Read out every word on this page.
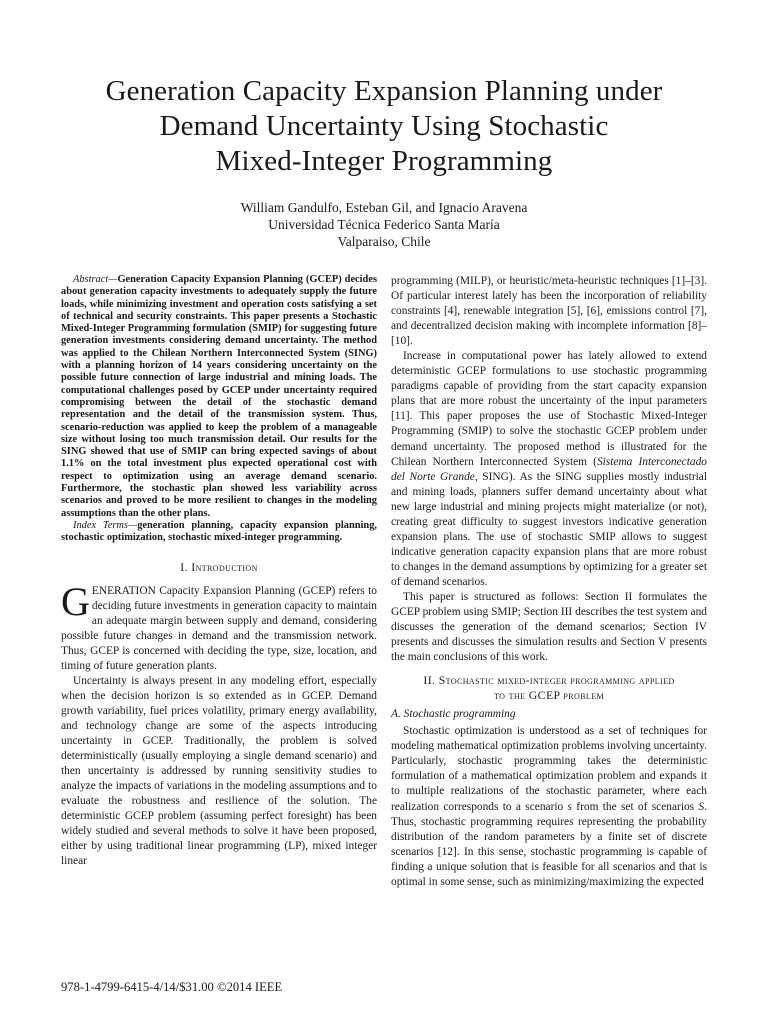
Generation Capacity Expansion Planning under
Demand Uncertainty Using Stochastic
Mixed-Integer Programming
William Gandulfo, Esteban Gil, and Ignacio Aravena
Universidad Técnica Federico Santa María
Valparaiso, Chile

Abstract—Generation Capacity Expansion Planning (GCEP) decides about generation capacity investments to adequately supply the future loads, while minimizing investment and operation costs satisfying a set of technical and security constraints. This paper presents a Stochastic Mixed-Integer Programming formulation (SMIP) for suggesting future generation investments considering demand uncertainty. The method was applied to the Chilean Northern Interconnected System (SING) with a planning horizon of 14 years considering uncertainty on the possible future connection of large industrial and mining loads. The computational challenges posed by GCEP under uncertainty required compromising between the detail of the stochastic demand representation and the detail of the transmission system. Thus, scenario-reduction was applied to keep the problem of a manageable size without losing too much transmission detail. Our results for the SING showed that use of SMIP can bring expected savings of about 1.1% on the total investment plus expected operational cost with respect to optimization using an average demand scenario. Furthermore, the stochastic plan showed less variability across scenarios and proved to be more resilient to changes in the modeling assumptions than the other plans.

Index Terms—generation planning, capacity expansion planning, stochastic optimization, stochastic mixed-integer programming.

I. Introduction

GENERATION Capacity Expansion Planning (GCEP) refers to deciding future investments in generation capacity to maintain an adequate margin between supply and demand, considering possible future changes in demand and the transmission network. Thus, GCEP is concerned with deciding the type, size, location, and timing of future generation plants.

Uncertainty is always present in any modeling effort, especially when the decision horizon is so extended as in GCEP. Demand growth variability, fuel prices volatility, primary energy availability, and technology change are some of the aspects introducing uncertainty in GCEP. Traditionally, the problem is solved deterministically (usually employing a single demand scenario) and then uncertainty is addressed by running sensitivity studies to analyze the impacts of variations in the modeling assumptions and to evaluate the robustness and resilience of the solution. The deterministic GCEP problem (assuming perfect foresight) has been widely studied and several methods to solve it have been proposed, either by using traditional linear programming (LP), mixed integer linear

programming (MILP), or heuristic/meta-heuristic techniques [1]–[3]. Of particular interest lately has been the incorporation of reliability constraints [4], renewable integration [5], [6], emissions control [7], and decentralized decision making with incomplete information [8]–[10].

Increase in computational power has lately allowed to extend deterministic GCEP formulations to use stochastic programming paradigms capable of providing from the start capacity expansion plans that are more robust the uncertainty of the input parameters [11]. This paper proposes the use of Stochastic Mixed-Integer Programming (SMIP) to solve the stochastic GCEP problem under demand uncertainty. The proposed method is illustrated for the Chilean Northern Interconnected System (Sistema Interconectado del Norte Grande, SING). As the SING supplies mostly industrial and mining loads, planners suffer demand uncertainty about what new large industrial and mining projects might materialize (or not), creating great difficulty to suggest investors indicative generation expansion plans. The use of stochastic SMIP allows to suggest indicative generation capacity expansion plans that are more robust to changes in the demand assumptions by optimizing for a greater set of demand scenarios.

This paper is structured as follows: Section II formulates the GCEP problem using SMIP; Section III describes the test system and discusses the generation of the demand scenarios; Section IV presents and discusses the simulation results and Section V presents the main conclusions of this work.

II. Stochastic mixed-integer programming applied
to the GCEP problem
A. Stochastic programming

Stochastic optimization is understood as a set of techniques for modeling mathematical optimization problems involving uncertainty. Particularly, stochastic programming takes the deterministic formulation of a mathematical optimization problem and expands it to multiple realizations of the stochastic parameter, where each realization corresponds to a scenario s from the set of scenarios S. Thus, stochastic programming requires representing the probability distribution of the random parameters by a finite set of discrete scenarios [12]. In this sense, stochastic programming is capable of finding a unique solution that is feasible for all scenarios and that is optimal in some sense, such as minimizing/maximizing the expected

978-1-4799-6415-4/14/$31.00 ©2014 IEEE
